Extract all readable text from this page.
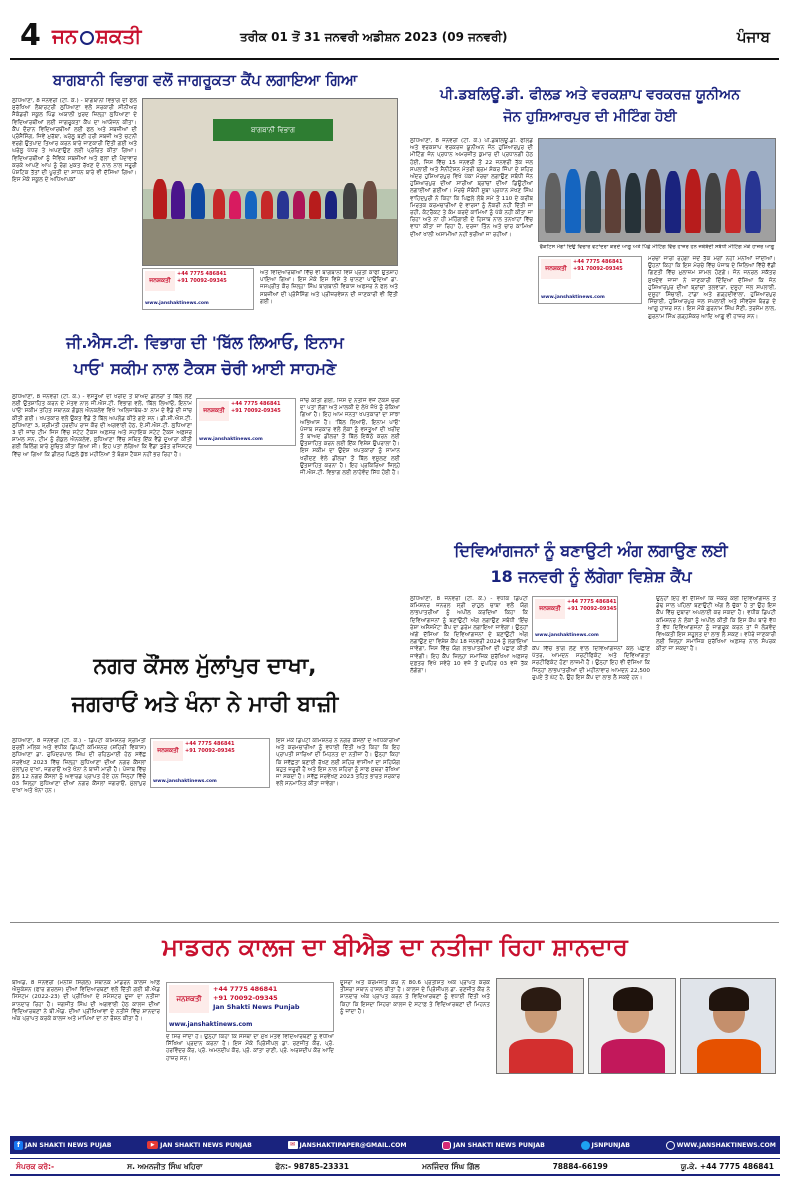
4 ਜਨ ਸ਼ਕਤੀ	ਤਰੀਕ 01 ਤੋਂ 31 ਜਨਵਰੀ ਅਡੀਸ਼ਨ 2023 (09 ਜਨਵਰੀ)	ਪੰਜਾਬ
ਬਾਗਬਾਨੀ ਵਿਭਾਗ ਵਲੋਂ ਜਾਗਰੂਕਤਾ ਕੈਂਪ ਲਗਾਇਆ ਗਿਆ
ਲੁਧਿਆਣਾ, 8 ਜਨਵਰੀ (ਟੀ. ਕੇ.) - ਬਾਗਬਾਨੀ ਵਿਭਾਗ ਦੀ ਫਲ ਸੁਰੱਖਿਆ ਲੈਬਾਰਟਰੀ ਲੁਧਿਆਣਾ ਵਲੋਂ ਸਰਕਾਰੀ ਸੀਨੀਅਰ ਸੈਕੰਡਰੀ ਸਕੂਲ ਪਿੰਡ ਅਯਾਲੀ ਖੁਰਦ ਜ਼ਿਲ੍ਹਾ ਲੁਧਿਆਣਾ ਦੇ ਵਿਦਿਆਰਥੀਆਂ ਲਈ ਜਾਗਰੂਕਤਾ ਕੈਂਪ ਦਾ ਆਯੋਜਨ ਕੀਤਾ। ਕੈਂਪ ਦੌਰਾਨ ਵਿਦਿਆਰਥੀਆਂ ਲਈ ਫਲ ਅਤੇ ਸਬਜ਼ੀਆਂ ਦੀ ਪ੍ਰੋਸੈਸਿੰਗ, ਜਿਵੇਂ ਮੁਰੱਬਾ, ਘਰੇਲੂ ਬਣੀ ਹਰੀ ਸਬਜ਼ੀ ਅਤੇ ਚਟਨੀ ਵਰਗੇ ਉਤਪਾਦ ਤਿਆਰ ਕਰਨ ਬਾਰੇ ਜਾਣਕਾਰੀ ਦਿੱਤੀ ਗਈ ਅਤੇ ਘਰੇਲੂ ਪੱਧਰ ਤੇ ਅਪਣਾਉਣ ਲਈ ਪ੍ਰੇਰਿਤ ਕੀਤਾ ਗਿਆ। ਵਿਦਿਆਰਥੀਆਂ ਨੂੰ ਜੈਵਿਕ ਸਬਜ਼ੀਆਂ ਅਤੇ ਫਲਾਂ ਦੀ ਪੈਦਾਵਾਰ ਕਰਕੇ ਆਪਣੇ ਆਪ ਨੂੰ ਰੋਗ ਮੁਕਤ ਰੱਖਣ ਦੇ ਨਾਲ ਨਾਲ ਜਰੂਰੀ ਪੋਸ਼ਟਿਕ ਤੱਤਾਂ ਦੀ ਪੂਰਤੀ ਦਾ ਸਾਧਨ ਬਾਰੇ ਵੀ ਦੱਸਿਆ ਗਿਆ। ਇਸ ਮੌਕੇ ਸਕੂਲ ਦੇ ਅਧਿਆਪਕਾਂ
ਬਾਗਬਾਨੀ ਵਿਭਾਗ
ਜਨਸ਼ਕਤੀ
+44 7775 486841
+91 70092-09345
www.janshaktinews.com
ਅਤੇ ਵਿਦਿਆਰਥੀਆਂ ਵਿੱਚ ਵੀ ਬਾਗਬਾਨੀ ਵਿਸ਼ੇ ਪ੍ਰਤੀ ਕਾਫੀ ਉਤਸ਼ਾਹ ਪਾਇਆ ਗਿਆ। ਇਸ ਮੌਕੇ ਇਸ ਵਿਸ਼ੇ ਤੇ ਚਾਨਣਾ ਪਾਉਂਦਿਆਂ ਡਾ. ਜਸਪ੍ਰੀਤ ਕੌਰ ਜ਼ਿਲ੍ਹਾ ਸਿੰਘ ਬਾਗਬਾਨੀ ਵਿਕਾਸ ਅਫਸਰ ਨੇ ਫਲ ਅਤੇ ਸਬਜ਼ੀਆਂ ਦੀ ਪ੍ਰੋਸੈਸਿੰਗ ਅਤੇ ਪ੍ਰੀਜ਼ਰਵੇਸ਼ਨ ਦੀ ਜਾਣਕਾਰੀ ਵੀ ਦਿੱਤੀ ਗਈ।
ਪੀ.ਡਬਲਿਊ.ਡੀ. ਫੀਲਡ ਅਤੇ ਵਰਕਸ਼ਾਪ ਵਰਕਰਜ਼ ਯੂਨੀਅਨ
ਜੋਨ ਹੁਸ਼ਿਆਰਪੁਰ ਦੀ ਮੀਟਿੰਗ ਹੋਈ
ਲੁਧਿਆਣਾ, 8 ਜਨਵਰੀ (ਟੀ. ਕੇ.) ਪੀ.ਡਬਲਿਊ.ਡੀ. ਫੀਲਡ ਅਤੇ ਵਰਕਸ਼ਾਪ ਵਰਕਰਜ਼ ਯੂਨੀਅਨ ਜੋਨ ਹੁਸ਼ਿਆਰਪੁਰ ਦੀ ਮੀਟਿੰਗ ਜੋਨ ਪ੍ਰਧਾਨ ਅਮਰਜੀਤ ਕੁਮਾਰ ਦੀ ਪ੍ਰਧਾਨਗੀ ਹੇਠ ਹੋਈ, ਜਿਸ ਵਿੱਚ 15 ਜਨਵਰੀ ਤੋਂ 22 ਜਨਵਰੀ ਤੱਕ ਜਲ ਸਪਲਾਈ ਅਤੇ ਸੈਨੀਟੇਸ਼ਨ ਮੰਤਰੀ ਬ੍ਰਮ ਸ਼ੰਕਰ ਜਿੰਪਾ ਦੇ ਸ਼ਹਿਰ ਅੰਦਰ ਹੁਸ਼ਿਆਰਪੁਰ ਵਿਖੇ ਪੱਕਾ ਮੋਰਚਾ ਲਗਾਉਣ ਸਬੰਧੀ ਜੋਨ ਹੁਸ਼ਿਆਰਪੁਰ ਦੀਆਂ ਸਾਰੀਆਂ ਬ੍ਰਾਂਚਾਂ ਦੀਆਂ ਡਿਊਟੀਆਂ ਲਗਾਈਆਂ ਗਈਆਂ। ਮੋਰਚੇ ਸੰਬੰਧੀ ਸੂਬਾ ਪ੍ਰਧਾਨ ਮੱਖਣ ਸਿੰਘ ਵਾਹਿਦਪੁਰੀ ਨੇ ਕਿਹਾ ਕਿ ਪਿਛਲੇ ਲੰਬੇ ਸਮੇਂ ਤੋਂ 110 ਦੇ ਕਰੀਬ ਮਿਰਤਕ ਕਰਮਚਾਰੀਆਂ ਦੇ ਵਾਰਸਾਂ ਨੂੰ ਨੌਕਰੀ ਨਹੀਂ ਦਿੱਤੀ ਜਾ ਰਹੀ, ਕੰਟਰੈਕਟ ਤੇ ਕੰਮ ਕਰਦੇ ਕਾਮਿਆਂ ਨੂੰ ਪੱਕੇ ਨਹੀਂ ਕੀਤਾ ਜਾ ਰਿਹਾ ਅਤੇ ਨਾ ਹੀ ਮਹਿੰਗਾਈ ਦੇ ਹਿਸਾਬ ਨਾਲ ਤਨਖਾਹਾਂ ਵਿੱਚ ਵਾਧਾ ਕੀਤਾ ਜਾ ਰਿਹਾ ਹੈ, ਦਰਜਾ ਤਿੰਨ ਅਤੇ ਚਾਰ ਕਾਮਿਆਂ ਦੀਆਂ ਖਾਲੀ ਅਸਾਮੀਆਂ ਨਹੀਂ ਭਰੀਆਂ ਜਾ ਰਹੀਆਂ।
ਫੈਕਟਿਸ ਮੰਗਾਂ ਦਿਉ ਵਿਚਾਰ ਵਟਾਂਦਰਾ ਕਰਦੇ ਆਗੂ ਅਤੇ ਪਿੱਛੇ ਮੀਟਿੰਗ ਵਿੱਚ ਹਾਜ਼ਰ ਹਨ ਜਥੇਬੰਦੀ ਸਬੰਧੀ ਮੀਟਿੰਗ ਮੌਕੇ ਹਾਜ਼ਰ ਆਗੂ
ਜਨਸ਼ਕਤੀ
+44 7775 486841
+91 70092-09345
www.janshaktinews.com
ਮੋਰਚਾ ਜਾਰੀ ਰਹੇਗਾ ਜਦੋਂ ਤੱਕ ਮੰਗਾਂ ਨਹੀਂ ਮੰਨੀਆਂ ਜਾਂਦੀਆਂ। ਉਹਨਾਂ ਕਿਹਾ ਕਿ ਇਸ ਮੋਰਚੇ ਵਿੱਚ ਪੰਜਾਬ ਦੇ ਜ਼ਿਲਿਆਂ ਵਿੱਚੋਂ ਵੱਡੀ ਗਿਣਤੀ ਵਿੱਚ ਮੁਲਾਜ਼ਮ ਸ਼ਾਮਲ ਹੋਣਗੇ। ਜੋਨ ਜਨਰਲ ਸਕੱਤਰ ਸੁਖਦੇਵ ਜਾਜਾ ਨੇ ਜਾਣਕਾਰੀ ਦਿੰਦਿਆਂ ਦੱਸਿਆ ਕਿ ਜੋਨ ਹੁਸ਼ਿਆਰਪੁਰ ਦੀਆਂ ਬ੍ਰਾਂਚਾਂ ਤਲਵਾੜਾ, ਦਸੂਹਾ ਜਲ ਸਪਲਾਈ, ਦਸੂਹਾ ਸਿੰਚਾਈ, ਟਾਂਡਾ ਅਤੇ ਗੜ੍ਹਦੀਵਾਲਾ, ਹੁਸ਼ਿਆਰਪੁਰ ਸਿੰਚਾਈ, ਹੁਸ਼ਿਆਰਪੁਰ ਜਲ ਸਪਲਾਈ ਅਤੇ ਸੀਵਰੇਜ ਬੋਰਡ ਦੇ ਆਗੂ ਹਾਜ਼ਰ ਸਨ। ਇਸ ਮੌਕੇ ਗੁਰਨਾਮ ਸਿੰਘ ਸੈਣੀ, ਤਰਸੇਮ ਲਾਲ, ਗੁਰਨਾਮ ਸਿੰਘ ਗੜ੍ਹਸ਼ੰਕਰ ਆਦਿ ਆਗੂ ਵੀ ਹਾਜ਼ਰ ਸਨ।
ਜੀ.ਐਸ.ਟੀ. ਵਿਭਾਗ ਦੀ 'ਬਿੱਲ ਲਿਆਓ, ਇਨਾਮ
ਪਾਓ' ਸਕੀਮ ਨਾਲ ਟੈਕਸ ਚੋਰੀ ਆਈ ਸਾਹਮਣੇ
ਲੁਧਿਆਣਾ, 8 ਜਨਵਰੀ (ਟੀ. ਕੇ.) - ਵਸਤੂਆਂ ਦੀ ਖਰੀਦ ਤੋਂ ਬਾਅਦ ਡੀਲਰਾਂ ਤੋਂ ਬਿੱਲ ਲੈਣ ਲਈ ਉਤਸ਼ਾਹਿਤ ਕਰਨ ਦੇ ਮੰਤਵ ਨਾਲ ਜੀ.ਐਸ.ਟੀ. ਵਿਭਾਗ ਵਲੋਂ, 'ਬਿੱਲ ਲਿਆਓ, ਇਨਾਮ ਪਾਓ' ਸਕੀਮ ਤਹਿਤ ਸਥਾਨਕ ਗੋਕੁਲ ਐਨਕਲੇਵ ਵਿਖੇ 'ਅਲਿਜਾਬੇਥ-3' ਨਾਮ ਦੇ ਵੈਡੇ ਦੀ ਜਾਂਚ ਕੀਤੀ ਗਈ। ਖਪਤਕਾਰ ਵਲੋਂ ਉਕਤ ਵੈਂਡੇ ਤੋਂ ਬਿੱਲ ਅਪਲੋਡ ਕੀਤੇ ਗਏ ਸਨ। ਡੀ.ਸੀ.ਐਸ.ਟੀ. ਲੁਧਿਆਣਾ 3, ਸ਼੍ਰੀਮਤੀ ਹਰਦੀਪ ਰਾਜ ਕੌਰ ਦੀ ਅਗਵਾਈ ਹੇਠ, ਏ.ਸੀ.ਐਸ.ਟੀ. ਲੁਧਿਆਣਾ 3 ਦੀ ਜਾਂਚ ਟੀਮ ਜਿਸ ਵਿੱਚ ਸਟੇਟ ਟੈਕਸ ਅਫ਼ਸਰ ਅਤੇ ਸਹਾਇਕ ਸਟੇਟ ਟੈਕਸ ਅਫ਼ਸਰ ਸ਼ਾਮਲ ਸਨ, ਟੀਮ ਨੂੰ ਗੋਕੁਲ ਐਨਕਲੇਵ, ਲੁਧਿਆਣਾ ਵਿੱਚ ਸਥਿਤ ਇੱਕ ਵੈਂਡੇ ਦੁਆਰਾ ਕੀਤੀ ਗਈ ਬਿਲਿੰਗ ਬਾਰੇ ਸੂਚਿਤ ਕੀਤਾ ਗਿਆ ਸੀ। ਇਹ ਪਤਾ ਲੱਗਿਆ ਕਿ ਵੈਂਡਾ ਤੁਰੰਤ ਰਜਿਸਟਰ ਵਿੱਚ ਆ ਗਿਆ ਕਿ ਡੀਲਰ ਪਿਛਲੇ ਕੁੱਝ ਮਹੀਨਿਆਂ ਤੋਂ ਬੋਗਸ ਟੈਕਸ ਨਹੀਂ ਭਰ ਰਿਹਾ ਹੈ।
ਜਨਸ਼ਕਤੀ
+44 7775 486841
+91 70092-09345
www.janshaktinews.com
ਜਾਂਚ ਕੀਤੀ ਗਈ, ਜਿਸ ਦੇ ਨਤੀਜੇ ਵਜੋਂ ਟੈਕਸ ਚੋਰੀ ਦਾ ਪਤਾ ਲੱਗਾ ਅਤੇ ਮਾਲਕੀ ਦੇ ਲੇਖੇ ਜੋਖੇ ਨੂੰ ਰੋਕਿਆ ਗਿਆ ਹੈ। ਇਹ ਆਮ ਜਨਤਾ ਖਪਤਕਾਰਾਂ ਦਾ ਸਾਂਝਾ ਅਭਿਆਸ ਹੈ। 'ਬਿੱਲ ਲਿਆਓ, ਇਨਾਮ ਪਾਓ' ਪੰਜਾਬ ਸਰਕਾਰ ਵਲੋਂ ਲੋਕਾਂ ਨੂੰ ਵਸਤੂਆਂ ਦੀ ਖਰੀਦ ਤੋਂ ਬਾਅਦ ਡੀਲਰਾਂ ਤੋਂ ਬਿੱਲ ਇਕੱਠੇ ਕਰਨ ਲਈ ਉਤਸ਼ਾਹਿਤ ਕਰਨ ਲਈ ਇੱਕ ਵਿਸ਼ੇਸ਼ ਉਪਰਾਲਾ ਹੈ। ਇਸ ਸਕੀਮ ਦਾ ਉਦੇਸ਼ ਖਪਤਕਾਰਾਂ ਨੂੰ ਸਾਮਾਨ ਖਰੀਦਣ ਵੇਲੇ ਡੀਲਰਾਂ ਤੋਂ ਬਿੱਲ ਵਸੂਲਣ ਲਈ ਉਤਸ਼ਾਹਿਤ ਕਰਨਾ ਹੈ। ਇਹ ਪ੍ਰਕਿਰਿਆ ਜ਼ਿਲ੍ਹੇ ਜੀ.ਐਸ.ਟੀ. ਵਿਭਾਗ ਲਈ ਲਾਹੇਵੰਦ ਸਿੱਧ ਹੋਈ ਹੈ।
ਦਿਵਿਆਂਗਜਨਾਂ ਨੂੰ ਬਣਾਉਟੀ ਅੰਗ ਲਗਾਉਣ ਲਈ
18 ਜਨਵਰੀ ਨੂੰ ਲੱਗੇਗਾ ਵਿਸ਼ੇਸ਼ ਕੈਂਪ
ਲੁਧਿਆਣਾ, 8 ਜਨਵਰੀ (ਟੀ. ਕੇ.) - ਵਧੀਕ ਡਿਪਟੀ ਕਮਿਸ਼ਨਰ ਜਨਰਲ ਸ੍ਰੀ ਰਾਹੁਲ ਚਾਬਾ ਵਲੋਂ ਯੋਗ ਲਾਭਪਾਤਰੀਆਂ ਨੂੰ ਅਪੀਲ ਕਰਦਿਆਂ ਕਿਹਾ ਕਿ ਦਿਵਿਆਂਗਜਨਾਂ ਨੂੰ ਬਣਾਉਟੀ ਅੰਗ ਲਗਾਉਣ ਸਬੰਧੀ 'ਇੰਚ ਰੇਸ਼ਾ ਅਸੈਸਮੈਂਟ' ਕੈਂਪ ਦਾ ਡਰੇਮ ਲਗਾਇਆ ਜਾਵੇਗਾ। ਉਨ੍ਹਾਂ ਅੱਗੇ ਦੱਸਿਆ ਕਿ ਦਿਵਿਆਂਗਜਨਾਂ ਦੇ ਬਣਾਉਟੀ ਅੰਗ ਲਗਾਉਣ ਦਾ ਵਿਸ਼ੇਸ਼ ਕੈਂਪ 18 ਜਨਵਰੀ 2024 ਨੂੰ ਲਗਾਇਆ ਜਾਵੇਗਾ, ਜਿਸ ਵਿੱਚ ਯੋਗ ਲਾਭਪਾਤਰੀਆਂ ਦੀ ਪਛਾਣ ਕੀਤੀ ਜਾਵੇਗੀ। ਇਹ ਕੈਂਪ ਜ਼ਿਲ੍ਹਾ ਸਮਾਜਿਕ ਸੁਰੱਖਿਆ ਅਫ਼ਸਰ ਦਫ਼ਤਰ ਵਿਖੇ ਸਵੇਰੇ 10 ਵਜੇ ਤੋਂ ਦੁਪਹਿਰ 03 ਵਜੇ ਤੱਕ ਲੱਗੇਗਾ।
ਜਨਸ਼ਕਤੀ
+44 7775 486841
+91 70092-09345
www.janshaktinews.com
ਕੈਂਪ ਵਿੱਚ ਭਾਗ ਲੈਣ ਵਾਲੇ ਦਿਵਿਆਂਗਜਨਾਂ ਕੋਲ ਪਛਾਣ ਪੱਤਰ, ਆਮਦਨ ਸਰਟੀਫਿਕੇਟ ਅਤੇ ਦਿਵਿਆਂਗਤਾ ਸਰਟੀਫਿਕੇਟ ਹੋਣਾ ਲਾਜ਼ਮੀ ਹੈ। ਉਨ੍ਹਾਂ ਇਹ ਵੀ ਦੱਸਿਆ ਕਿ ਜਿਨ੍ਹਾਂ ਲਾਭਪਾਤਰੀਆਂ ਦੀ ਮਹੀਨਾਵਾਰ ਆਮਦਨ 22,500 ਰੁਪਏ ਤੋਂ ਘੱਟ ਹੈ, ਉਹ ਇਸ ਕੈਂਪ ਦਾ ਲਾਭ ਲੈ ਸਕਦੇ ਹਨ।
ਉਨ੍ਹਾਂ ਇਹ ਵੀ ਦੱਸਿਆ ਕਿ ਜੇਕਰ ਕੋਈ ਦਿਵਿਆਂਗਜਨ ਤੋਂ ਡੇਢ ਸਾਲ ਪਹਿਲਾਂ ਬਣਾਉਟੀ ਅੰਗ ਲੈ ਚੁੱਕਾ ਹੈ ਤਾਂ ਉਹ ਇਸ ਕੈਂਪ ਵਿੱਚ ਦੁਬਾਰਾ ਅਪਲਾਈ ਕਰ ਸਕਦਾ ਹੈ। ਵਧੀਕ ਡਿਪਟੀ ਕਮਿਸ਼ਨਰ ਨੇ ਲੋਕਾਂ ਨੂੰ ਅਪੀਲ ਕੀਤੀ ਕਿ ਇਸ ਕੈਂਪ ਬਾਰੇ ਵੱਧ ਤੋਂ ਵੱਧ ਦਿਵਿਆਂਗਜਨਾਂ ਨੂੰ ਜਾਗਰੂਕ ਕਰਨ ਤਾਂ ਜੋ ਲੋੜਵੰਦ ਵਿਅਕਤੀ ਇਸ ਸਹੂਲਤ ਦਾ ਲਾਭ ਲੈ ਸਕਣ। ਵਧੇਰੇ ਜਾਣਕਾਰੀ ਲਈ ਜ਼ਿਲ੍ਹਾ ਸਮਾਜਿਕ ਸੁਰੱਖਿਆ ਅਫ਼ਸਰ ਨਾਲ ਸੰਪਰਕ ਕੀਤਾ ਜਾ ਸਕਦਾ ਹੈ।
ਨਗਰ ਕੌਂਸਲ ਮੁੱਲਾਂਪੁਰ ਦਾਖਾ,
ਜਗਰਾਓਂ ਅਤੇ ਖੰਨਾ ਨੇ ਮਾਰੀ ਬਾਜ਼ੀ
ਜਨਸ਼ਕਤੀ
+44 7775 486841
+91 70092-09345
www.janshaktinews.com
ਲੁਧਿਆਣਾ, 8 ਜਨਵਰੀ (ਟੀ. ਕੇ.) - ਡਿਪਟੀ ਕਮਿਸ਼ਨਰ ਸ੍ਰੀਮਤੀ ਸੁਰਭੀ ਮਲਿਕ ਅਤੇ ਵਧੀਕ ਡਿਪਟੀ ਕਮਿਸ਼ਨਰ (ਸ਼ਹਿਰੀ ਵਿਕਾਸ) ਲੁਧਿਆਣਾ ਡਾ. ਰੁਪਿੰਦਰਪਾਲ ਸਿੰਘ ਦੀ ਰਹਿਨੁਮਾਈ ਹੇਠ ਸਵੱਛ ਸਰਵੇਖਣ 2023 ਵਿੱਚ ਜ਼ਿਲ੍ਹਾ ਲੁਧਿਆਣਾ ਦੀਆਂ ਨਗਰ ਕੌਂਸਲਾਂ ਮੁੱਲਾਂਪੁਰ ਦਾਖਾ, ਜਗਰਾਓਂ ਅਤੇ ਖੰਨਾ ਨੇ ਬਾਜ਼ੀ ਮਾਰੀ ਹੈ। ਪੰਜਾਬ ਵਿੱਚ ਕੁੱਲ 12 ਨਗਰ ਕੌਂਸਲਾਂ ਨੂੰ ਅਵਾਰਡ ਪ੍ਰਾਪਤ ਹੋਏ ਹਨ ਜਿਨ੍ਹਾਂ ਵਿੱਚੋਂ 03 ਜ਼ਿਲ੍ਹਾ ਲੁਧਿਆਣਾ ਦੀਆਂ ਨਗਰ ਕੌਂਸਲਾਂ ਜਗਰਾਓਂ, ਮੁੱਲਾਂਪੁਰ ਦਾਖਾ ਅਤੇ ਖੰਨਾ ਹਨ।
ਇਸ ਮੌਕੇ ਡਿਪਟੀ ਕਮਿਸ਼ਨਰ ਨੇ ਨਗਰ ਕੌਂਸਲਾਂ ਦੇ ਅਧਿਕਾਰੀਆਂ ਅਤੇ ਕਰਮਚਾਰੀਆਂ ਨੂੰ ਵਧਾਈ ਦਿੱਤੀ ਅਤੇ ਕਿਹਾ ਕਿ ਇਹ ਪ੍ਰਾਪਤੀ ਸਾਰਿਆਂ ਦੀ ਮਿਹਨਤ ਦਾ ਨਤੀਜਾ ਹੈ। ਉਨ੍ਹਾਂ ਕਿਹਾ ਕਿ ਸਵੱਛਤਾ ਬਣਾਈ ਰੱਖਣ ਲਈ ਸ਼ਹਿਰ ਵਾਸੀਆਂ ਦਾ ਸਹਿਯੋਗ ਬਹੁਤ ਜ਼ਰੂਰੀ ਹੈ ਅਤੇ ਇਸ ਨਾਲ ਸ਼ਹਿਰਾਂ ਨੂੰ ਸਾਫ ਸੁਥਰਾ ਰੱਖਿਆ ਜਾ ਸਕਦਾ ਹੈ। ਸਵੱਛ ਸਰਵੇਖਣ 2023 ਤਹਿਤ ਭਾਰਤ ਸਰਕਾਰ ਵਲੋਂ ਸਨਮਾਨਿਤ ਕੀਤਾ ਜਾਵੇਗਾ।
ਮਾਡਰਨ ਕਾਲਜ ਦਾ ਬੀਐਡ ਦਾ ਨਤੀਜਾ ਰਿਹਾ ਸ਼ਾਨਦਾਰ
ਬੀਐਡ, 8 ਜਨਵਰੀ (ਮਨੀਸ਼ ਸਿੰਗਲ) ਸਥਾਨਕ ਮਾਡਰਨ ਕਾਲਜ ਆਫ਼ ਐਜੂਕੇਸ਼ਨ (ਫਾਰ ਗਰਲਜ਼) ਦੀਆਂ ਵਿਦਿਆਰਥਣਾਂ ਵਲੋਂ ਦਿੱਤੀ ਗਈ ਬੀ.ਐਡ ਸਿਸਟਮ (2022-23) ਦੀ ਪ੍ਰੀਖਿਆ ਦੇ ਸਮੈਸਟਰ ਦੂਜਾ ਦਾ ਨਤੀਜਾ ਸ਼ਾਨਦਾਰ ਰਿਹਾ ਹੈ। ਜਗਜੀਤ ਸਿੰਘ ਦੀ ਅਗਵਾਈ ਹੇਠ ਕਾਲਜ ਦੀਆਂ ਵਿਦਿਆਰਥਣਾਂ ਨੇ ਬੀ.ਐਡ. ਦੀਆਂ ਪ੍ਰੀਖਿਆਵਾਂ ਦੇ ਨਤੀਜੇ ਵਿੱਚ ਸ਼ਾਨਦਾਰ ਅੰਕ ਪ੍ਰਾਪਤ ਕਰਕੇ ਕਾਲਜ ਅਤੇ ਮਾਪਿਆਂ ਦਾ ਨਾਂ ਰੌਸ਼ਨ ਕੀਤਾ ਹੈ।
ਜਨਸ਼ਕਤੀ
+44 7775 486841
+91 70092-09345
Jan Shakti News Punjab
www.janshaktinews.com
ਦੇ ਸਿਰ ਜਾਂਦਾ ਹੈ। ਉਨ੍ਹਾਂ ਕਿਹਾ ਕਿ ਸੰਸਥਾ ਦਾ ਮੁੱਖ ਮੰਤਵ ਵਿਦਿਆਰਥਣਾਂ ਨੂੰ ਵਧੀਆ ਸਿੱਖਿਆ ਪ੍ਰਦਾਨ ਕਰਨਾ ਹੈ। ਇਸ ਮੌਕੇ ਪ੍ਰਿੰਸੀਪਲ ਡਾ. ਰਣਜੀਤ ਕੌਰ, ਪ੍ਰੋ. ਹਰਵਿੰਦਰ ਕੌਰ, ਪ੍ਰੋ. ਅਮਨਦੀਪ ਕੌਰ, ਪ੍ਰੋ. ਕਾਂਤਾ ਰਾਣੀ, ਪ੍ਰੋ. ਅਰਸ਼ਦੀਪ ਕੌਰ ਆਦਿ ਹਾਜ਼ਰ ਸਨ।
ਦੂਸਰਾ ਅਤੇ ਕਰਮਜੀਤ ਕੌਰ ਨੇ 80.6 ਪ੍ਰਤੀਸ਼ਤ ਅੰਕ ਪ੍ਰਾਪਤ ਕਰਕੇ ਤੀਸਰਾ ਸਥਾਨ ਹਾਸਲ ਕੀਤਾ ਹੈ। ਕਾਲਜ ਦੇ ਪ੍ਰਿੰਸੀਪਲ ਡਾ. ਰਣਜੀਤ ਕੌਰ ਨੇ ਸ਼ਾਨਦਾਰ ਅੰਕ ਪ੍ਰਾਪਤ ਕਰਨ ਤੇ ਵਿਦਿਆਰਥਣਾਂ ਨੂੰ ਵਧਾਈ ਦਿੱਤੀ ਅਤੇ ਕਿਹਾ ਕਿ ਇਸਦਾ ਸਿਹਰਾ ਕਾਲਜ ਦੇ ਸਟਾਫ਼ ਤੇ ਵਿਦਿਆਰਥਣਾਂ ਦੀ ਮਿਹਨਤ ਨੂੰ ਜਾਂਦਾ ਹੈ।
f JAN SHAKTI NEWS PUJAB	▶ JAN SHAKTI NEWS PUNJAB	✉ JANSHAKTIPAPER@GMAIL.COM	JAN SHAKTI NEWS PUNJAB	JSNPUNJAB	WWW.JANSHAKTINEWS.COM
ਸੰਪਰਕ ਕਰੋ:-	ਸ. ਅਮਨਜੀਤ ਸਿੰਘ ਖਹਿਰਾ	ਫੋਨ:- 98785-23331	ਮਨਜਿੰਦਰ ਸਿੰਘ ਗਿੱਲ	78884-66199	ਯੂ.ਕੇ. +44 7775 486841
